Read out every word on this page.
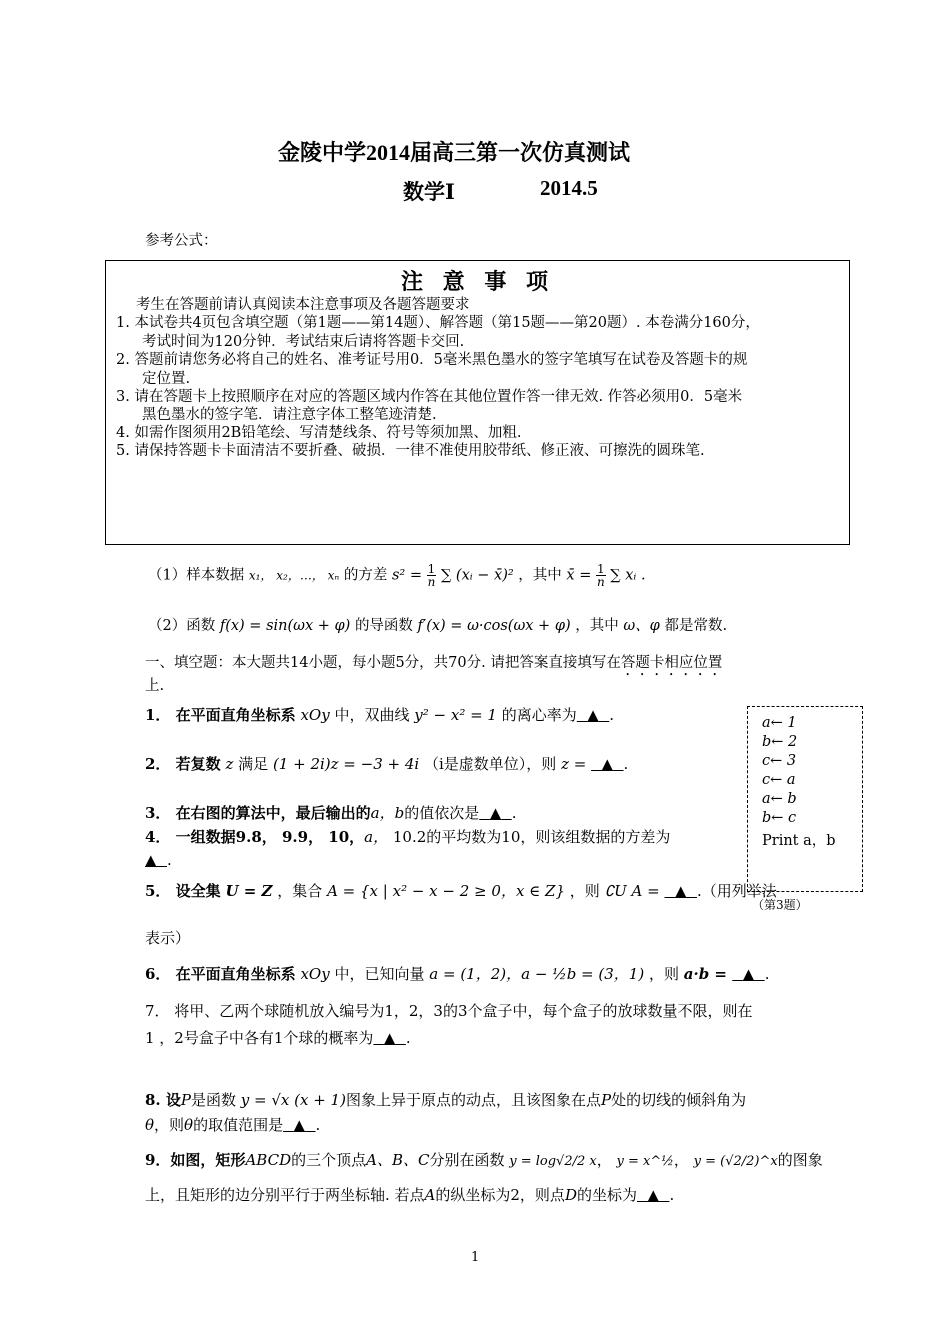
金陵中学2014届高三第一次仿真测试
数学Ⅰ	2014.5
参考公式：
注 意 事 项
考生在答题前请认真阅读本注意事项及各题答题要求
1. 本试卷共4页包含填空题（第1题——第14题）、解答题（第15题——第20题）. 本卷满分160分，
考试时间为120分钟．考试结束后请将答题卡交回.
2. 答题前请您务必将自己的姓名、准考证号用0．5毫米黑色墨水的签字笔填写在试卷及答题卡的规
定位置.
3. 请在答题卡上按照顺序在对应的答题区域内作答在其他位置作答一律无效. 作答必须用0．5毫米
黑色墨水的签字笔．请注意字体工整笔迹清楚.
4. 如需作图须用2B铅笔绘、写清楚线条、符号等须加黑、加粗.
5. 请保持答题卡卡面清洁不要折叠、破损．一律不准使用胶带纸、修正液、可擦洗的圆珠笔.
（1）样本数据 x₁， x₂，…， xₙ 的方差 $s^2 = \frac{1}{n}$ ∑ (xᵢ − x̄)² ，其中 x̄ = $\frac{1}{n}$ ∑ xᵢ .
（2）函数 f(x) = sin(ωx + φ) 的导函数 f′(x) = ω·cos(ωx + φ) ，其中 ω、φ 都是常数.
一、填空题：本大题共14小题，每小题5分，共70分. 请把答案直接填写在答题卡相应位置
上.
1． 在平面直角坐标系 xOy 中，双曲线 y² − x² = 1 的离心率为 ▲ .
2． 若复数 z 满足 (1 + 2i)z = −3 + 4i （i是虚数单位），则 z =   ▲ .
3． 在右图的算法中，最后输出的a，b的值依次是 ▲ .
4． 一组数据9.8， 9.9， 10，a， 10.2的平均数为10，则该组数据的方差为
▲ .
5． 设全集 U = Z ，集合 A = {x | x² − x − 2 ≥ 0，x ∈ Z} ，则 ∁U A =   ▲ .（用列举法
表示）
6． 在平面直角坐标系 xOy 中，已知向量 a = (1，2)，a − ½b = (3，1) ，则 a·b =   ▲ .
7． 将甲、乙两个球随机放入编号为1，2，3的3个盒子中，每个盒子的放球数量不限，则在
1 ，2号盒子中各有1个球的概率为 ▲ .
8. 设P是函数 y = √x (x + 1)图象上异于原点的动点，且该图象在点P处的切线的倾斜角为
θ，则θ的取值范围是 ▲ .
9．如图，矩形ABCD的三个顶点A、B、C分别在函数 y = log√2/2 x， y = x^½， y = (√2/2)^x的图象
上，且矩形的边分别平行于两坐标轴. 若点A的纵坐标为2，则点D的坐标为 ▲ .
a← 1
b← 2
c← 3
c← a
a← b
b← c
Print a，b
（第3题）
1
